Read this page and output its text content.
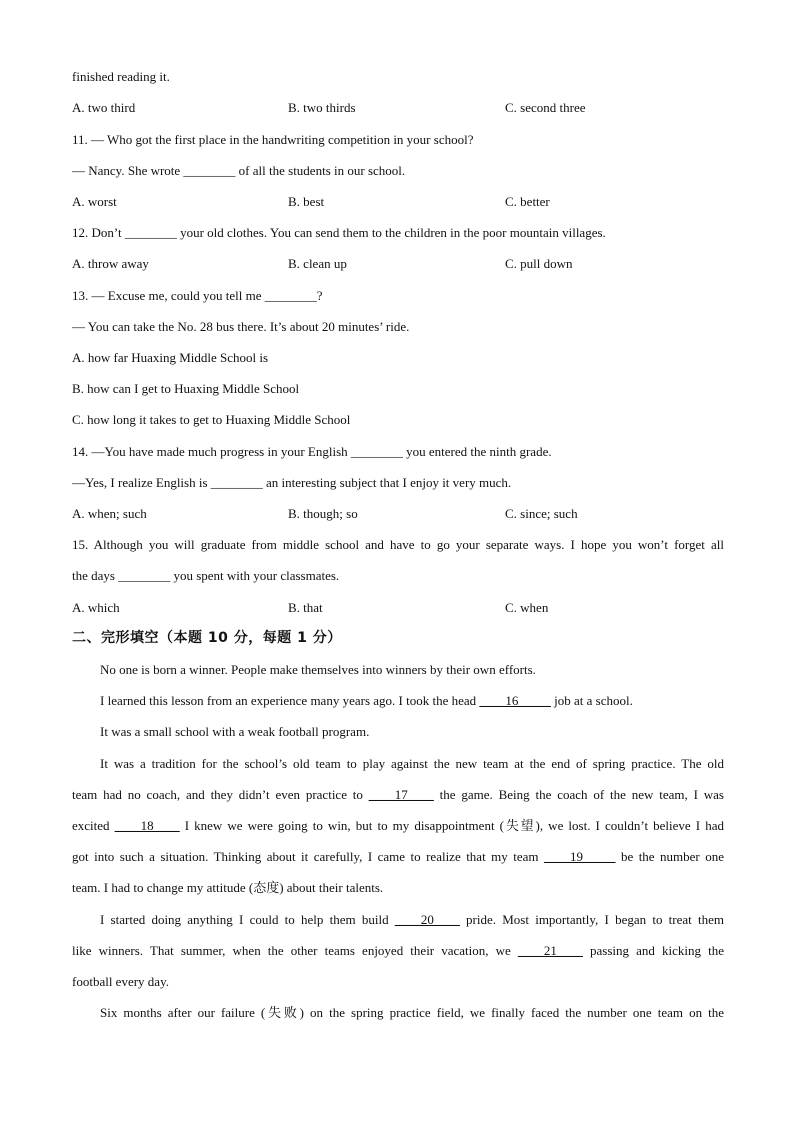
finished reading it.
A. two third	B. two thirds	C. second three
11. — Who got the first place in the handwriting competition in your school?
— Nancy. She wrote ________ of all the students in our school.
A. worst	B. best	C. better
12. Don’t ________ your old clothes. You can send them to the children in the poor mountain villages.
A. throw away	B. clean up	C. pull down
13. — Excuse me, could you tell me ________?
— You can take the No. 28 bus there. It’s about 20 minutes’ ride.
A. how far Huaxing Middle School is
B. how can I get to Huaxing Middle School
C. how long it takes to get to Huaxing Middle School
14. —You have made much progress in your English ________ you entered the ninth grade.
—Yes, I realize English is ________ an interesting subject that I enjoy it very much.
A. when; such	B. though; so	C. since; such
15. Although you will graduate from middle school and have to go your separate ways. I hope you won’t forget all
the days ________ you spent with your classmates.
A. which	B. that	C. when
二、完形填空（本题 10 分，每题 1 分）
No one is born a winner. People make themselves into winners by their own efforts.
I learned this lesson from an experience many years ago. I took the head ____16_____ job at a school.
It was a small school with a weak football program.
It was a tradition for the school’s old team to play against the new team at the end of spring practice. The old
team had no coach, and they didn’t even practice to ____17____ the game. Being the coach of the new team, I was
excited ____18____ I knew we were going to win, but to my disappointment (失望), we lost. I couldn’t believe I had
got into such a situation. Thinking about it carefully, I came to realize that my team ____19_____ be the number one
team. I had to change my attitude (态度) about their talents.
I started doing anything I could to help them build ____20____ pride. Most importantly, I began to treat them
like winners. That summer, when the other teams enjoyed their vacation, we ____21____ passing and kicking the
football every day.
Six months after our failure (失败) on the spring practice field, we finally faced the number one team on the
